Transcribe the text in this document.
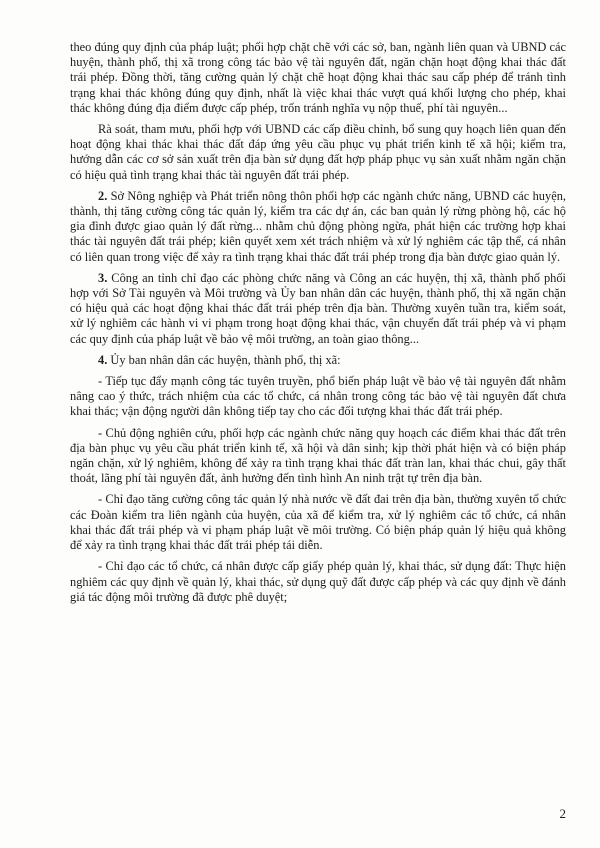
theo đúng quy định của pháp luật; phối hợp chặt chẽ với các sở, ban, ngành liên quan và UBND các huyện, thành phố, thị xã trong công tác bảo vệ tài nguyên đất, ngăn chặn hoạt động khai thác đất trái phép. Đồng thời, tăng cường quản lý chặt chẽ hoạt động khai thác sau cấp phép để tránh tình trạng khai thác không đúng quy định, nhất là việc khai thác vượt quá khối lượng cho phép, khai thác không đúng địa điểm được cấp phép, trốn tránh nghĩa vụ nộp thuế, phí tài nguyên...

Rà soát, tham mưu, phối hợp với UBND các cấp điều chỉnh, bổ sung quy hoạch liên quan đến hoạt động khai thác khai thác đất đáp ứng yêu cầu phục vụ phát triển kinh tế xã hội; kiểm tra, hướng dẫn các cơ sở sản xuất trên địa bàn sử dụng đất hợp pháp phục vụ sản xuất nhằm ngăn chặn có hiệu quả tình trạng khai thác tài nguyên đất trái phép.

2. Sở Nông nghiệp và Phát triển nông thôn phối hợp các ngành chức năng, UBND các huyện, thành, thị tăng cường công tác quản lý, kiểm tra các dự án, các ban quản lý rừng phòng hộ, các hộ gia đình được giao quản lý đất rừng... nhằm chủ động phòng ngừa, phát hiện các trường hợp khai thác tài nguyên đất trái phép; kiên quyết xem xét trách nhiệm và xử lý nghiêm các tập thể, cá nhân có liên quan trong việc để xảy ra tình trạng khai thác đất trái phép trong địa bàn được giao quản lý.

3. Công an tỉnh chỉ đạo các phòng chức năng và Công an các huyện, thị xã, thành phố phối hợp với Sở Tài nguyên và Môi trường và Ủy ban nhân dân các huyện, thành phố, thị xã ngăn chặn có hiệu quả các hoạt động khai thác đất trái phép trên địa bàn. Thường xuyên tuần tra, kiểm soát, xử lý nghiêm các hành vi vi phạm trong hoạt động khai thác, vận chuyển đất trái phép và vi phạm các quy định của pháp luật về bảo vệ môi trường, an toàn giao thông...

4. Ủy ban nhân dân các huyện, thành phố, thị xã:

- Tiếp tục đẩy mạnh công tác tuyên truyền, phổ biến pháp luật về bảo vệ tài nguyên đất nhằm nâng cao ý thức, trách nhiệm của các tổ chức, cá nhân trong công tác bảo vệ tài nguyên đất chưa khai thác; vận động người dân không tiếp tay cho các đối tượng khai thác đất trái phép.

- Chủ động nghiên cứu, phối hợp các ngành chức năng quy hoạch các điểm khai thác đất trên địa bàn phục vụ yêu cầu phát triển kinh tế, xã hội và dân sinh; kịp thời phát hiện và có biện pháp ngăn chặn, xử lý nghiêm, không để xảy ra tình trạng khai thác đất tràn lan, khai thác chui, gây thất thoát, lãng phí tài nguyên đất, ảnh hưởng đến tình hình An ninh trật tự trên địa bàn.

- Chỉ đạo tăng cường công tác quản lý nhà nước về đất đai trên địa bàn, thường xuyên tổ chức các Đoàn kiểm tra liên ngành của huyện, của xã để kiểm tra, xử lý nghiêm các tổ chức, cá nhân khai thác đất trái phép và vi phạm pháp luật về môi trường. Có biện pháp quản lý hiệu quả không để xảy ra tình trạng khai thác đất trái phép tái diễn.

- Chỉ đạo các tổ chức, cá nhân được cấp giấy phép quản lý, khai thác, sử dụng đất: Thực hiện nghiêm các quy định về quản lý, khai thác, sử dụng quỹ đất được cấp phép và các quy định về đánh giá tác động môi trường đã được phê duyệt;

2
